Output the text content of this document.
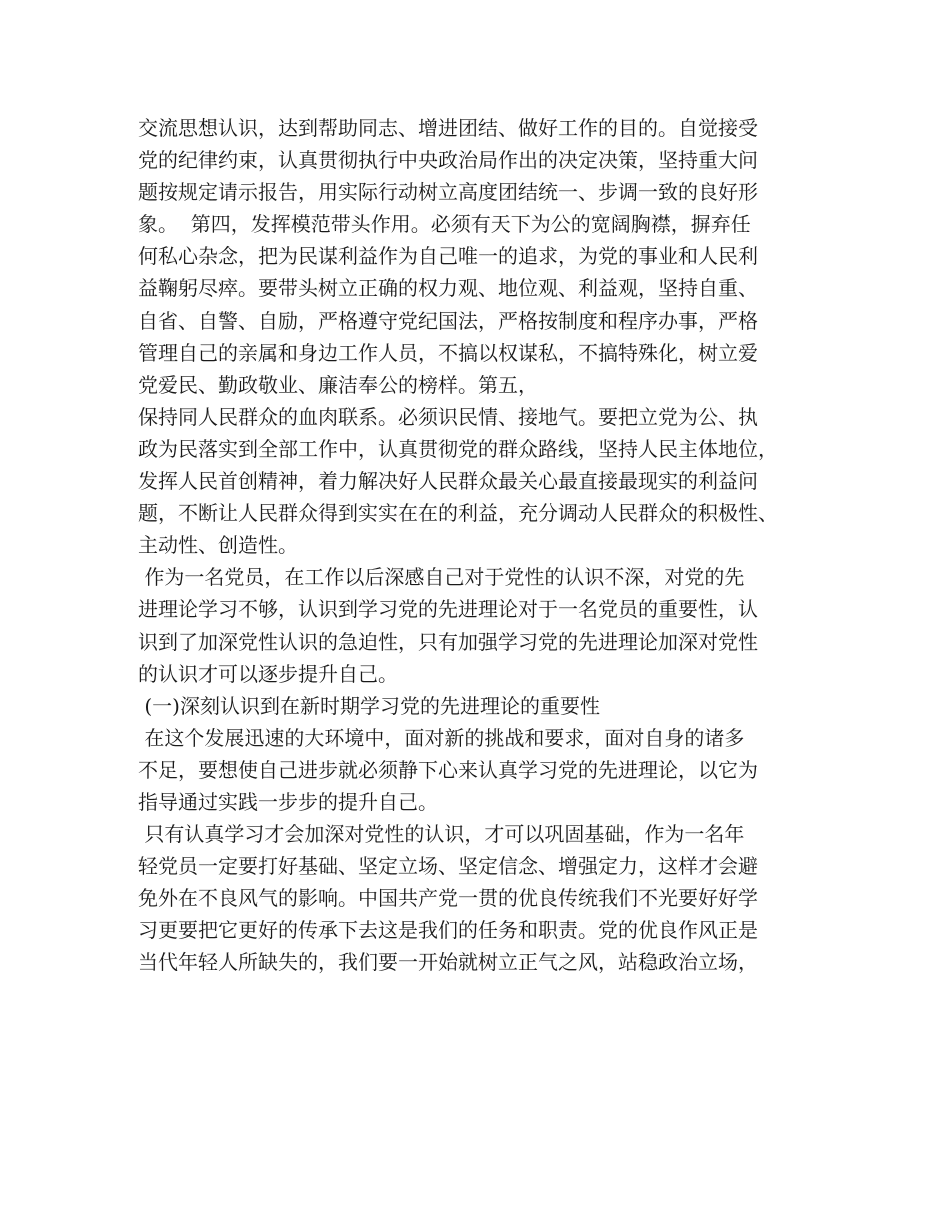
交流思想认识，达到帮助同志、增进团结、做好工作的目的。自觉接受
党的纪律约束，认真贯彻执行中央政治局作出的决定决策，坚持重大问
题按规定请示报告，用实际行动树立高度团结统一、步调一致的良好形
象。  第四，发挥模范带头作用。必须有天下为公的宽阔胸襟，摒弃任
何私心杂念，把为民谋利益作为自己唯一的追求，为党的事业和人民利
益鞠躬尽瘁。要带头树立正确的权力观、地位观、利益观，坚持自重、
自省、自警、自励，严格遵守党纪国法，严格按制度和程序办事，严格
管理自己的亲属和身边工作人员，不搞以权谋私，不搞特殊化，树立爱
党爱民、勤政敬业、廉洁奉公的榜样。第五，
保持同人民群众的血肉联系。必须识民情、接地气。要把立党为公、执
政为民落实到全部工作中，认真贯彻党的群众路线，坚持人民主体地位，
发挥人民首创精神，着力解决好人民群众最关心最直接最现实的利益问
题，不断让人民群众得到实实在在的利益，充分调动人民群众的积极性、
主动性、创造性。
作为一名党员，在工作以后深感自己对于党性的认识不深，对党的先
进理论学习不够，认识到学习党的先进理论对于一名党员的重要性，认
识到了加深党性认识的急迫性，只有加强学习党的先进理论加深对党性
的认识才可以逐步提升自己。
(一)深刻认识到在新时期学习党的先进理论的重要性
在这个发展迅速的大环境中，面对新的挑战和要求，面对自身的诸多
不足，要想使自己进步就必须静下心来认真学习党的先进理论，以它为
指导通过实践一步步的提升自己。
只有认真学习才会加深对党性的认识，才可以巩固基础，作为一名年
轻党员一定要打好基础、坚定立场、坚定信念、增强定力，这样才会避
免外在不良风气的影响。中国共产党一贯的优良传统我们不光要好好学
习更要把它更好的传承下去这是我们的任务和职责。党的优良作风正是
当代年轻人所缺失的，我们要一开始就树立正气之风，站稳政治立场，
